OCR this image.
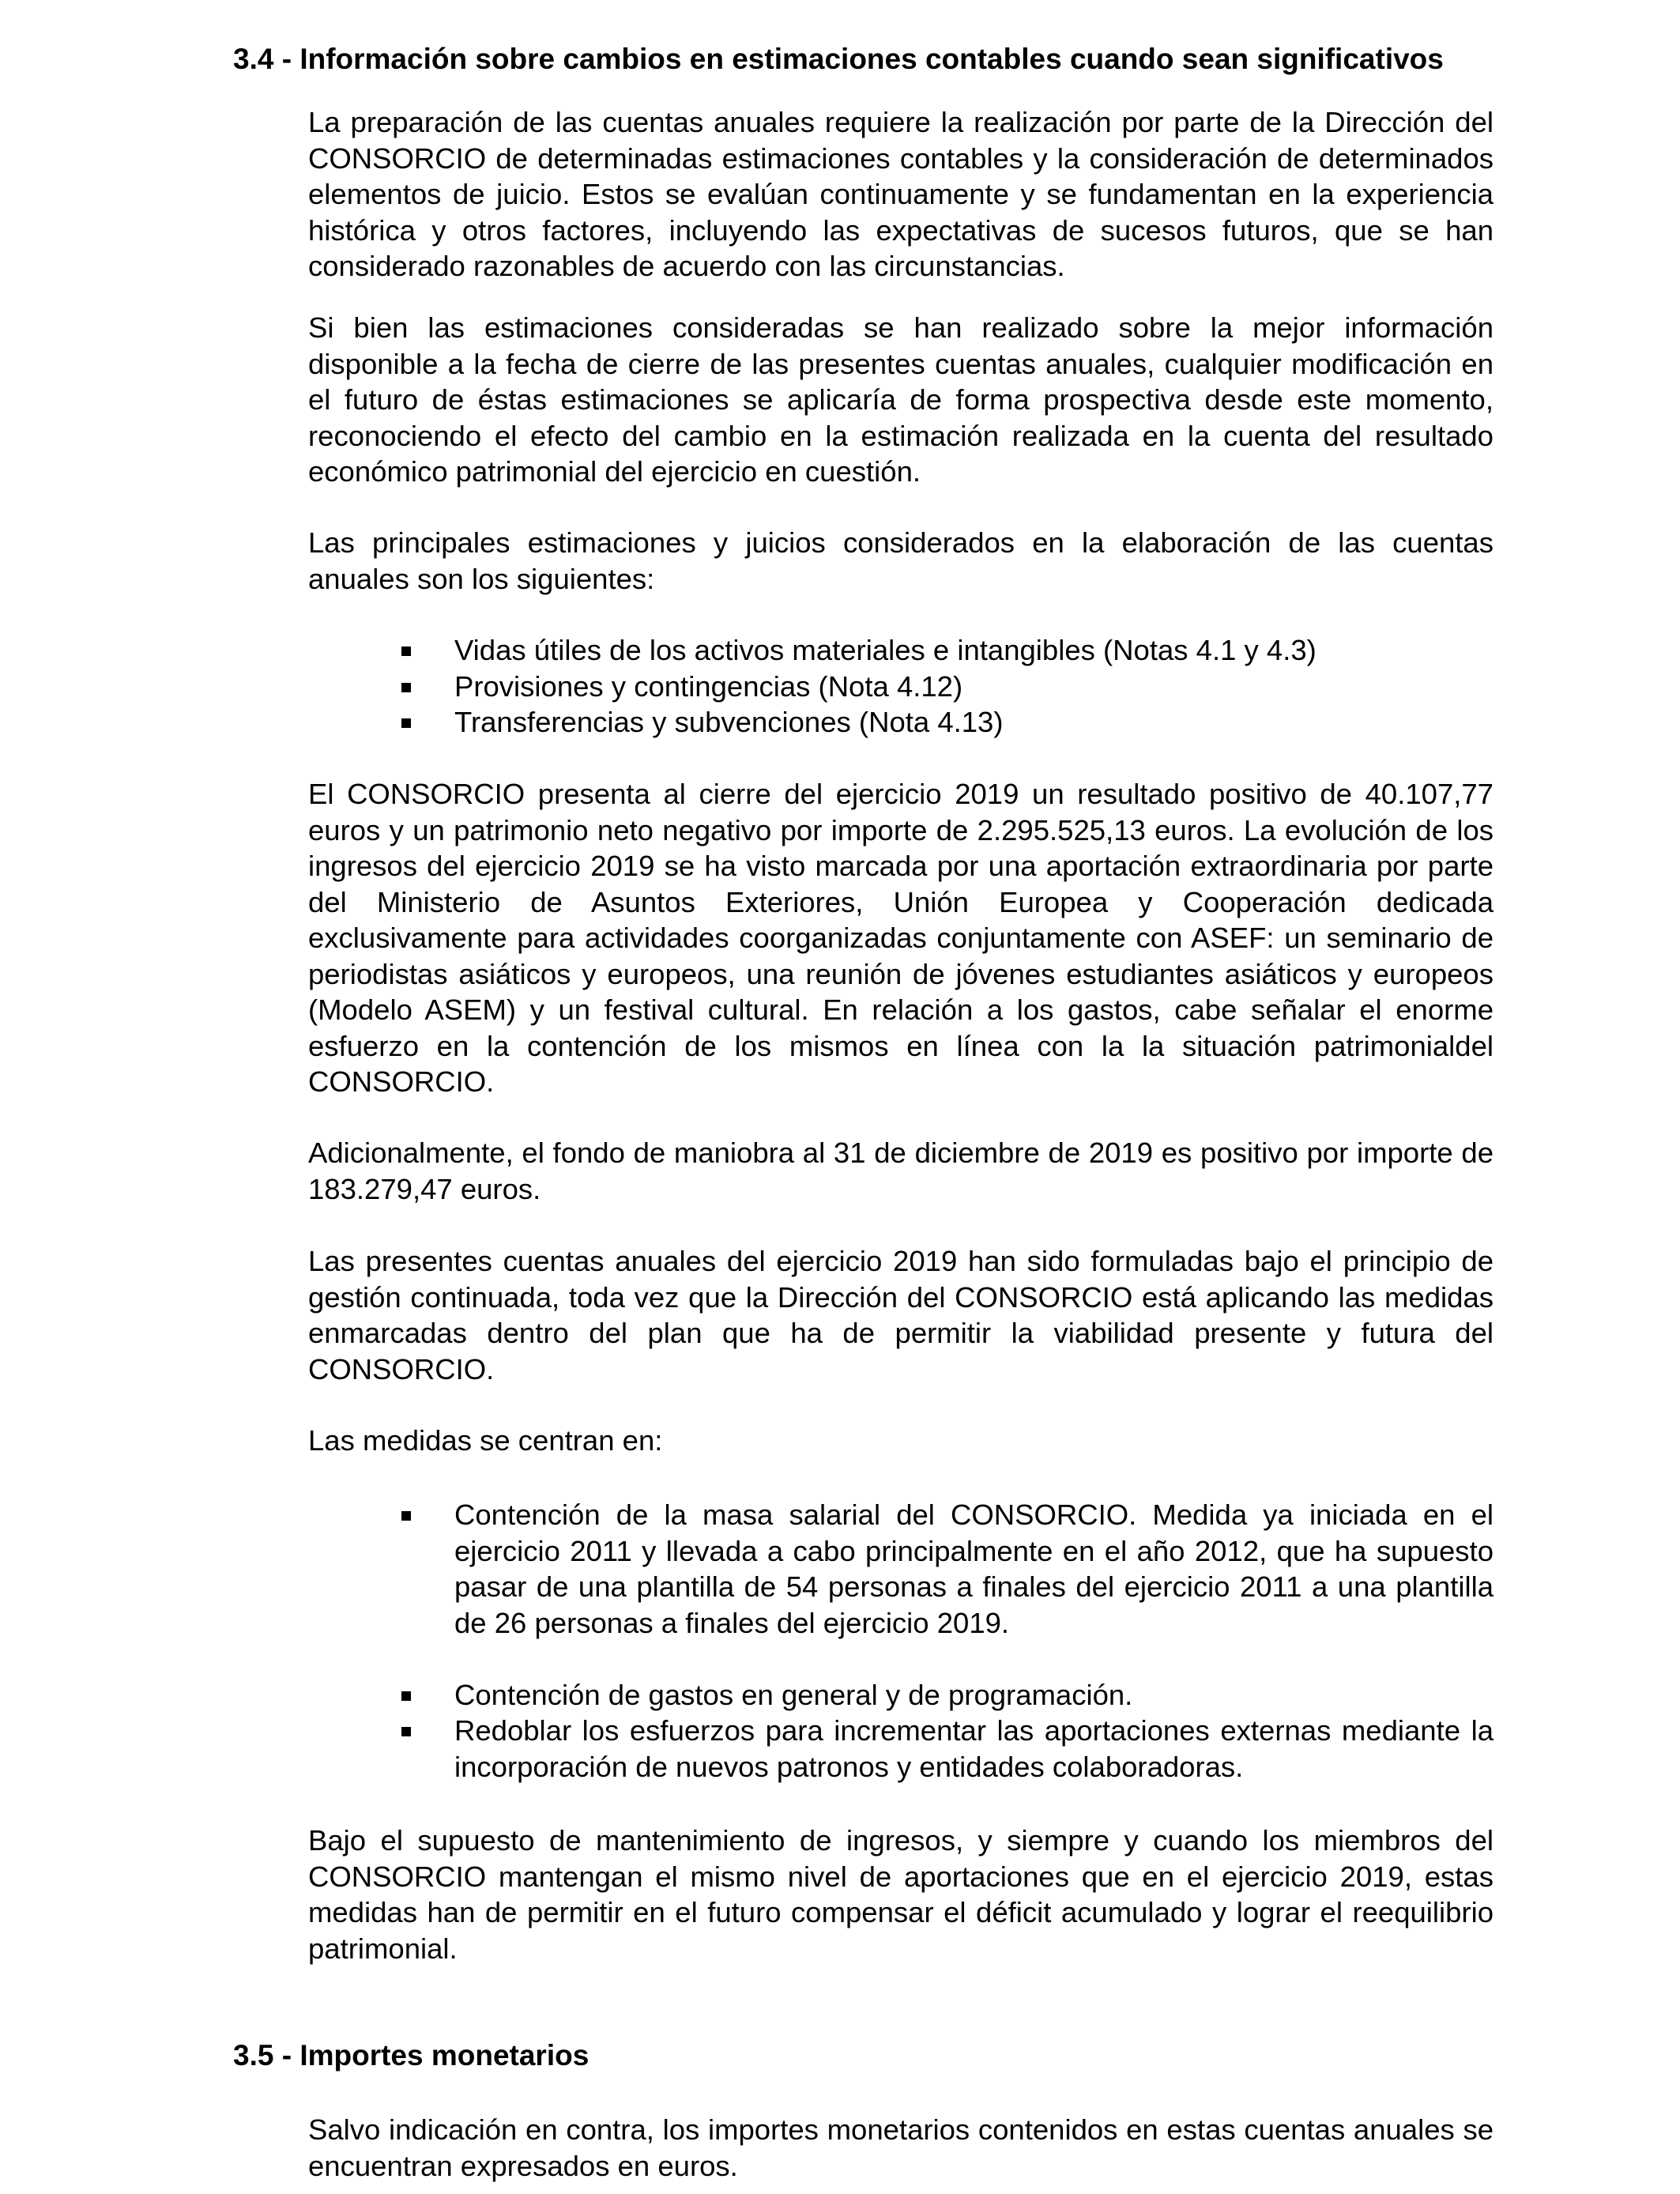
3.4 - Información sobre cambios en estimaciones contables cuando sean significativos

La preparación de las cuentas anuales requiere la realización por parte de la Dirección del CONSORCIO de determinadas estimaciones contables y la consideración de determinados elementos de juicio. Estos se evalúan continuamente y se fundamentan en la experiencia histórica y otros factores, incluyendo las expectativas de sucesos futuros, que se han considerado razonables de acuerdo con las circunstancias.

Si bien las estimaciones consideradas se han realizado sobre la mejor información disponible a la fecha de cierre de las presentes cuentas anuales, cualquier modificación en el futuro de éstas estimaciones se aplicaría de forma prospectiva desde este momento, reconociendo el efecto del cambio en la estimación realizada en la cuenta del resultado económico patrimonial del ejercicio en cuestión.

Las principales estimaciones y juicios considerados en la elaboración de las cuentas anuales son los siguientes:

Vidas útiles de los activos materiales e intangibles (Notas 4.1 y 4.3)
Provisiones y contingencias (Nota 4.12)
Transferencias y subvenciones (Nota 4.13)

El CONSORCIO presenta al cierre del ejercicio 2019 un resultado positivo de 40.107,77 euros y un patrimonio neto negativo por importe de 2.295.525,13 euros. La evolución de los ingresos del ejercicio 2019 se ha visto marcada por una aportación extraordinaria por parte del Ministerio de Asuntos Exteriores, Unión Europea y Cooperación dedicada exclusivamente para actividades coorganizadas conjuntamente con ASEF: un seminario de periodistas asiáticos y europeos, una reunión de jóvenes estudiantes asiáticos y europeos (Modelo ASEM) y un festival cultural. En relación a los gastos, cabe señalar el enorme esfuerzo en la contención de los mismos en línea con la la situación patrimonialdel CONSORCIO.

Adicionalmente, el fondo de maniobra al 31 de diciembre de 2019 es positivo por importe de 183.279,47 euros.

Las presentes cuentas anuales del ejercicio 2019 han sido formuladas bajo el principio de gestión continuada, toda vez que la Dirección del CONSORCIO está aplicando las medidas enmarcadas dentro del plan que ha de permitir la viabilidad presente y futura del CONSORCIO.

Las medidas se centran en:

Contención de la masa salarial del CONSORCIO. Medida ya iniciada en el ejercicio 2011 y llevada a cabo principalmente en el año 2012, que ha supuesto pasar de una plantilla de 54 personas a finales del ejercicio 2011 a una plantilla de 26 personas a finales del ejercicio 2019.
Contención de gastos en general y de programación.
Redoblar los esfuerzos para incrementar las aportaciones externas mediante la incorporación de nuevos patronos y entidades colaboradoras.

Bajo el supuesto de mantenimiento de ingresos, y siempre y cuando los miembros del CONSORCIO mantengan el mismo nivel de aportaciones que en el ejercicio 2019, estas medidas han de permitir en el futuro compensar el déficit acumulado y lograr el reequilibrio patrimonial.

3.5 - Importes monetarios

Salvo indicación en contra, los importes monetarios contenidos en estas cuentas anuales se encuentran expresados en euros.
